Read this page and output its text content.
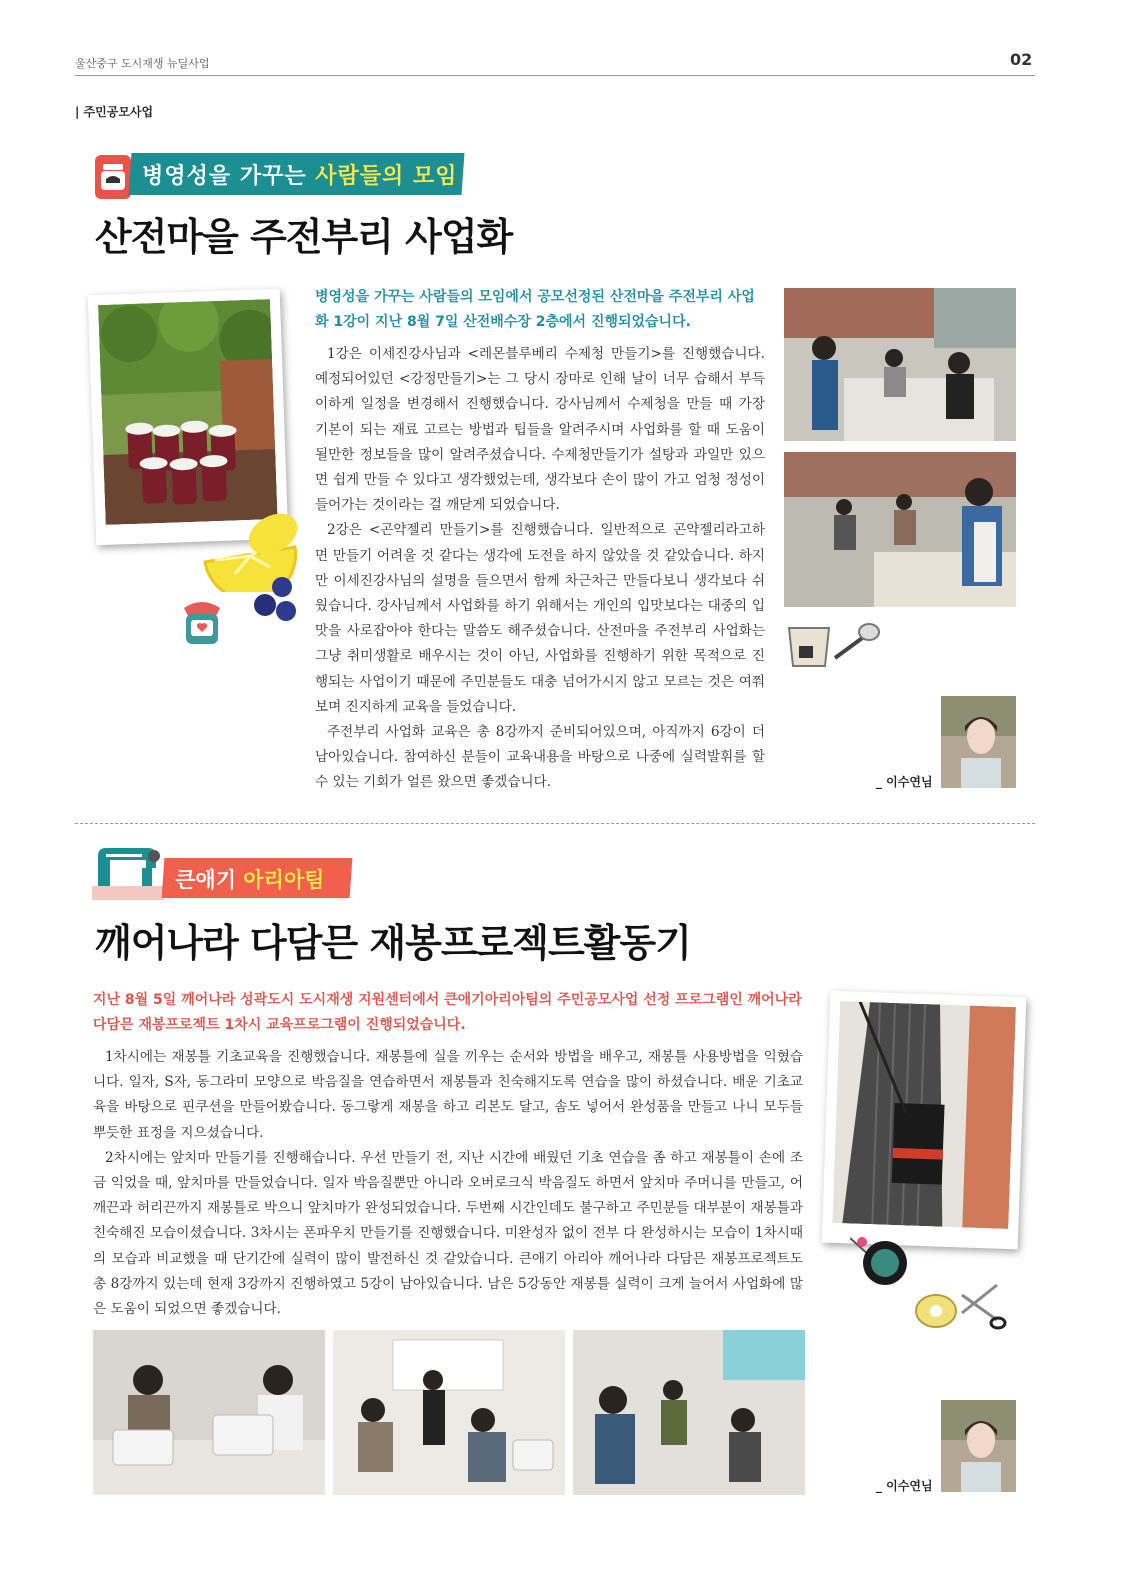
울산중구 도시재생 뉴딜사업	02
| 주민공모사업
병영성을 가꾸는 사람들의 모임
산전마을 주전부리 사업화
병영성을 가꾸는 사람들의 모임에서 공모선정된 산전마을 주전부리 사업화 1강이 지난 8월 7일 산전배수장 2층에서 진행되었습니다.

1강은 이세진강사님과 <레몬블루베리 수제청 만들기>를 진행했습니다. 예정되어있던 <강정만들기>는 그 당시 장마로 인해 날이 너무 습해서 부득이하게 일정을 변경해서 진행했습니다. 강사님께서 수제청을 만들 때 가장 기본이 되는 재료 고르는 방법과 팁들을 알려주시며 사업화를 할 때 도움이 될만한 정보들을 많이 알려주셨습니다. 수제청만들기가 설탕과 과일만 있으면 쉽게 만들 수 있다고 생각했었는데, 생각보다 손이 많이 가고 엄청 정성이 들어가는 것이라는 걸 깨닫게 되었습니다.

2강은 <곤약젤리 만들기>를 진행했습니다. 일반적으로 곤약젤리라고하면 만들기 어려울 것 같다는 생각에 도전을 하지 않았을 것 같았습니다. 하지만 이세진강사님의 설명을 들으면서 함께 차근차근 만들다보니 생각보다 쉬웠습니다. 강사님께서 사업화를 하기 위해서는 개인의 입맛보다는 대중의 입맛을 사로잡아야 한다는 말씀도 해주셨습니다. 산전마을 주전부리 사업화는 그냥 취미생활로 배우시는 것이 아닌, 사업화를 진행하기 위한 목적으로 진행되는 사업이기 때문에 주민분들도 대충 넘어가시지 않고 모르는 것은 여쭤보며 진지하게 교육을 들었습니다.

주전부리 사업화 교육은 총 8강까지 준비되어있으며, 아직까지 6강이 더 남아있습니다. 참여하신 분들이 교육내용을 바탕으로 나중에 실력발휘를 할 수 있는 기회가 얼른 왔으면 좋겠습니다.	_ 이수연님
큰애기 아리아팀
깨어나라 다담믄 재봉프로젝트활동기
지난 8월 5일 깨어나라 성곽도시 도시재생 지원센터에서 큰애기아리아팀의 주민공모사업 선정 프로그램인 깨어나라 다담믄 재봉프로젝트 1차시 교육프로그램이 진행되었습니다.

1차시에는 재봉틀 기초교육을 진행했습니다. 재봉틀에 실을 끼우는 순서와 방법을 배우고, 재봉틀 사용방법을 익혔습니다. 일자, S자, 동그라미 모양으로 박음질을 연습하면서 재봉틀과 친숙해지도록 연습을 많이 하셨습니다. 배운 기초교육을 바탕으로 핀쿠션을 만들어봤습니다. 동그랗게 재봉을 하고 리본도 달고, 솜도 넣어서 완성품을 만들고 나니 모두들 뿌듯한 표정을 지으셨습니다.

2차시에는 앞치마 만들기를 진행해습니다. 우선 만들기 전, 지난 시간에 배웠던 기초 연습을 좀 하고 재봉틀이 손에 조금 익었을 때, 앞치마를 만들었습니다. 일자 박음질뿐만 아니라 오버로크식 박음질도 하면서 앞치마 주머니를 만들고, 어깨끈과 허리끈까지 재봉틀로 박으니 앞치마가 완성되었습니다. 두번째 시간인데도 불구하고 주민분들 대부분이 재봉틀과 친숙해진 모습이셨습니다. 3차시는 폰파우치 만들기를 진행했습니다. 미완성자 없이 전부 다 완성하시는 모습이 1차시때의 모습과 비교했을 때 단기간에 실력이 많이 발전하신 것 같았습니다. 큰애기 아리아 깨어나라 다담믄 재봉프로젝트도 총 8강까지 있는데 현재 3강까지 진행하였고 5강이 남아있습니다. 남은 5강동안 재봉틀 실력이 크게 늘어서 사업화에 많은 도움이 되었으면 좋겠습니다.

_ 이수연님
